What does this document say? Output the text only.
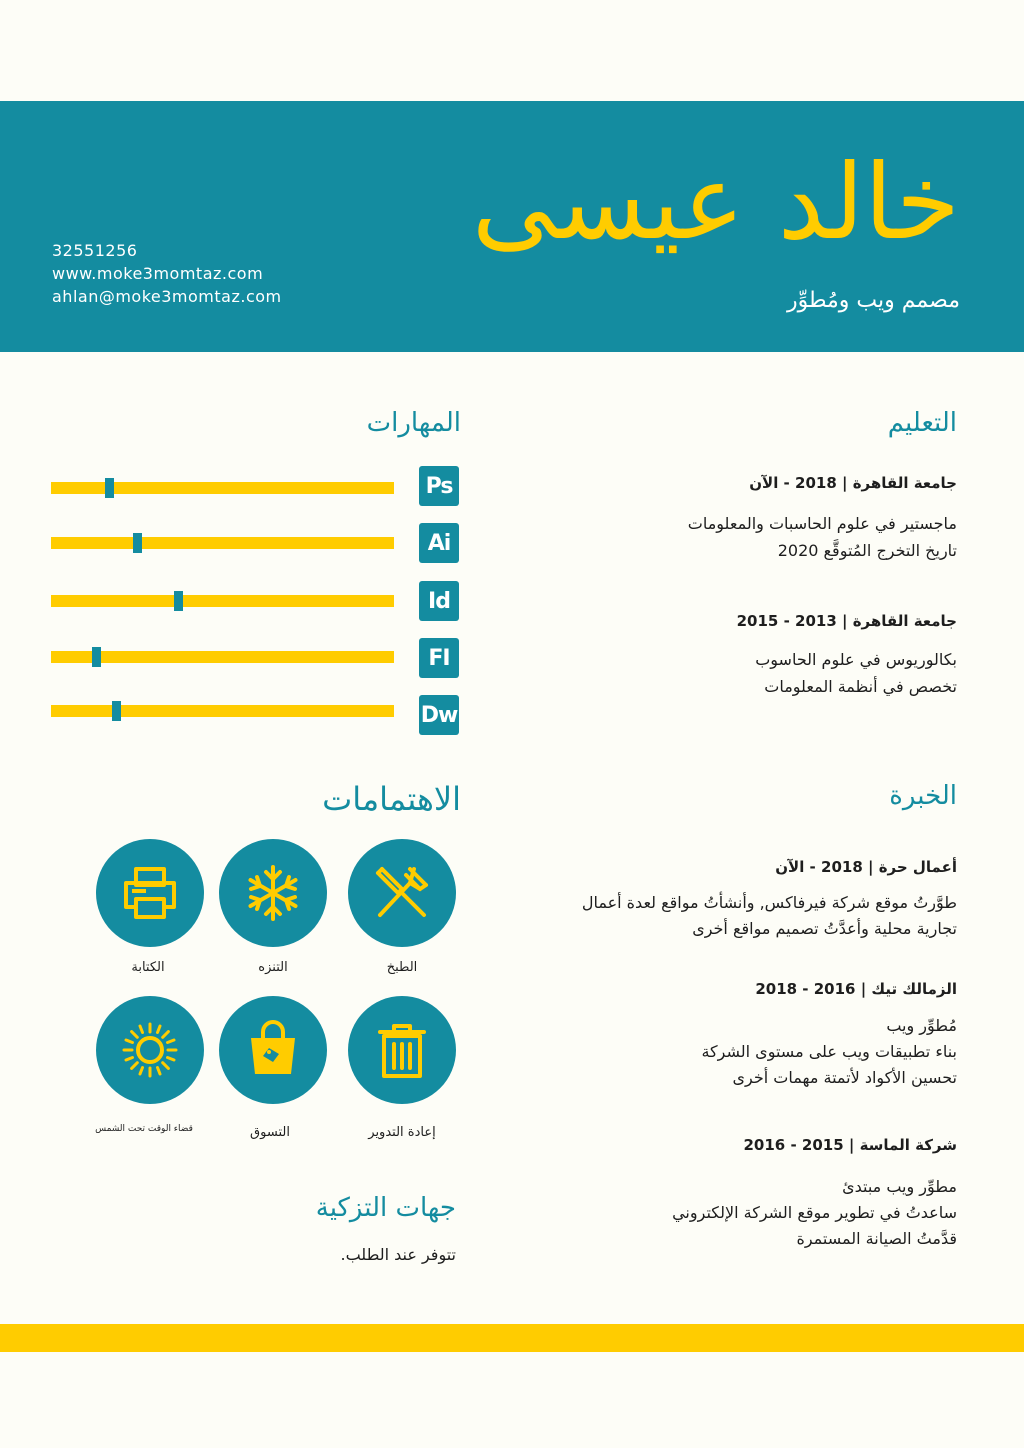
خالد عيسى
مصمم ويب ومُطوِّر
32551256
www.moke3momtaz.com
ahlan@moke3momtaz.com
التعليم
جامعة القاهرة | 2018 - الآن
ماجستير في علوم الحاسبات والمعلومات
تاريخ التخرج المُتوقَّع 2020
جامعة القاهرة | 2013 - 2015
بكالوريوس في علوم الحاسوب
تخصص في أنظمة المعلومات
الخبرة
أعمال حرة | 2018 - الآن
طوَّرتُ موقع شركة فيرفاكس, وأنشأتُ مواقع لعدة أعمال
تجارية محلية وأعدَّتُ تصميم مواقع أخرى
الزمالك تيك | 2016 - 2018
مُطوِّر ويب
بناء تطبيقات ويب على مستوى الشركة
تحسين الأكواد لأتمتة مهمات أخرى
شركة الماسة | 2015 - 2016
مطوِّر ويب مبتدئ
ساعدتُ في تطوير موقع الشركة الإلكتروني
قدَّمتُ الصيانة المستمرة
المهارات
Ps
Ai
Id
FI
Dw
الاهتمامات
الطبخ
التنزه
الكتابة
إعادة التدوير
التسوق
قضاء الوقت تحت الشمس
جهات التزكية
تتوفر عند الطلب.
